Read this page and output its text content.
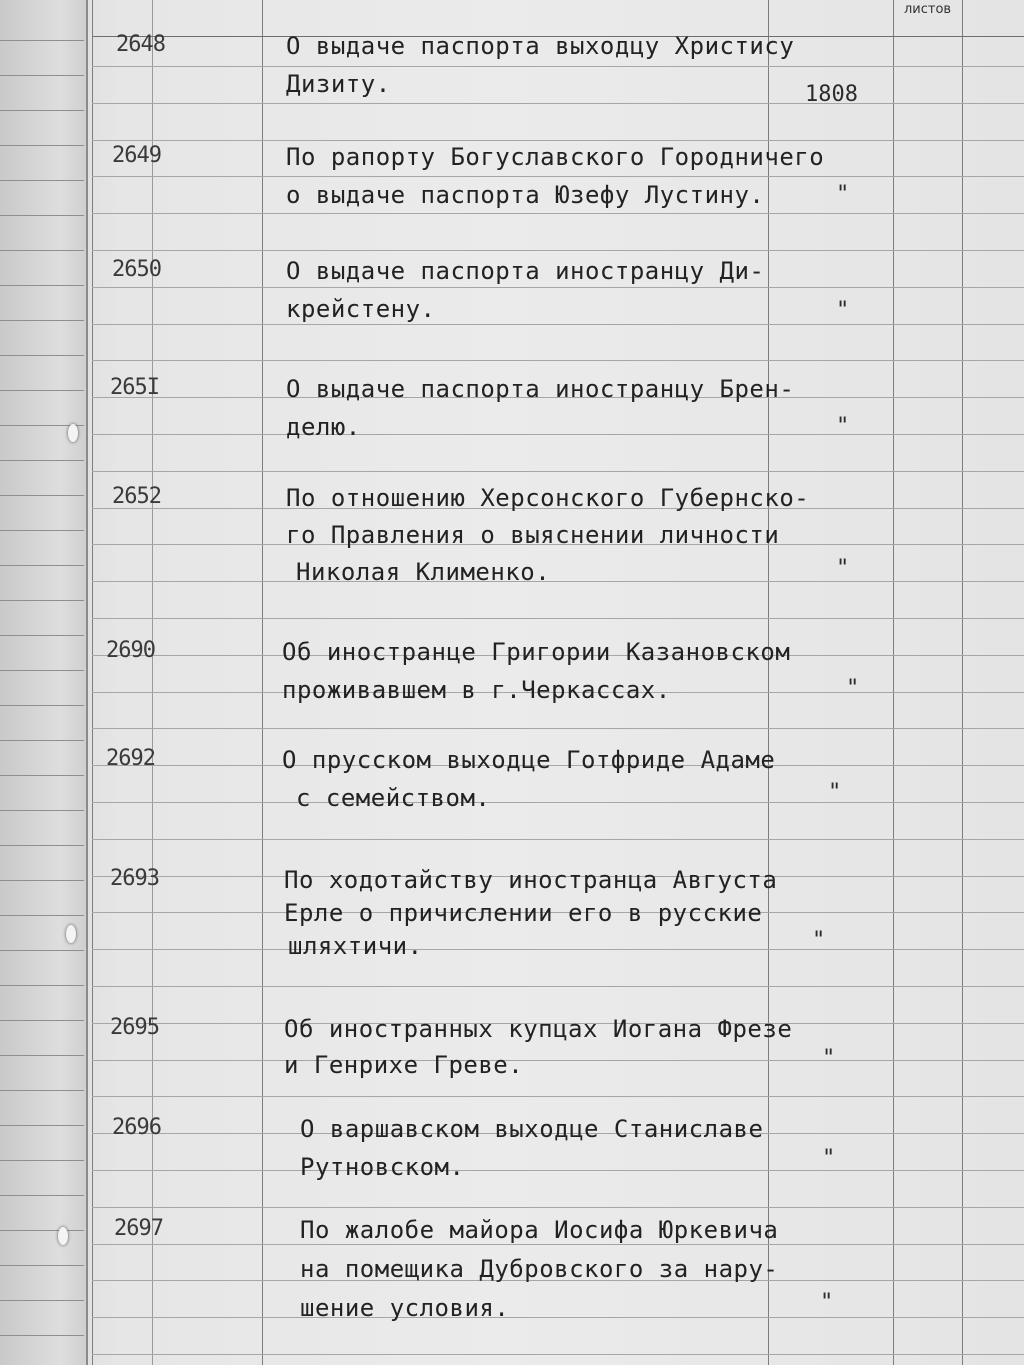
листов
2648	О выдаче паспорта выходцу Христису
Дизиту.	1808
2649	По рапорту Богуславского Городничего
о выдаче паспорта Юзефу Лустину.	"
2650	О выдаче паспорта иностранцу Ди-
крейстену.	"
265I	О выдаче паспорта иностранцу Брен-
делю.	"
2652	По отношению Херсонского Губернско-
го Правления о выяснении личности
Николая Клименко.	"
2690	Об иностранце Григории Казановском
проживавшем в г.Черкассах.	"
2692	О прусском выходце Готфриде Адаме
с семейством.	"
2693	По ходотайству иностранца Августа
Ерле о причислении его в русские
шляхтичи.	"
2695	Об иностранных купцах Иогана Фрезе
и Генрихе Греве.	"
2696	О варшавском выходце Станиславе
Рутновском.	"
2697	По жалобе майора Иосифа Юркевича
на помещика Дубровского за нару-
шение условия.	"
